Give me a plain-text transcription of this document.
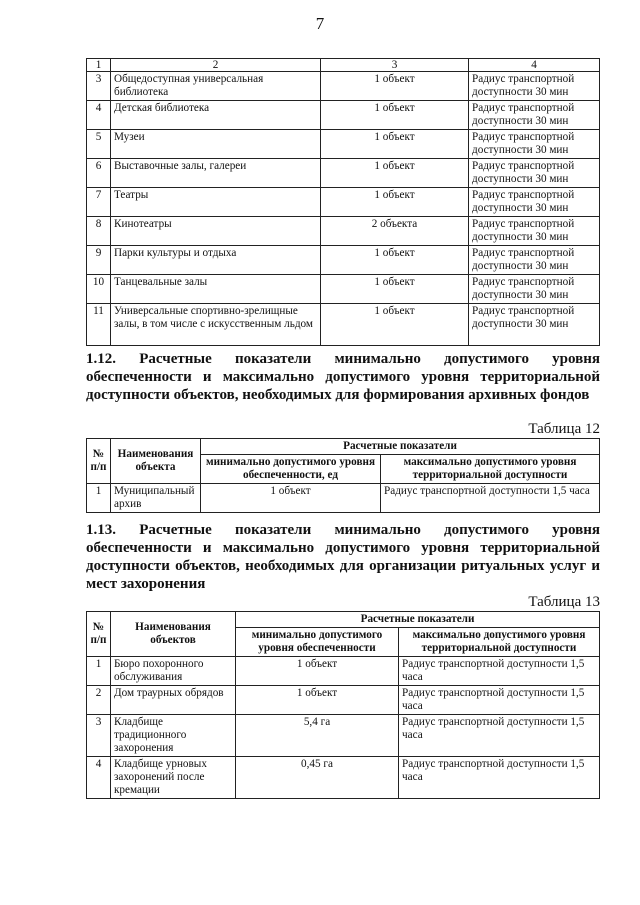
7
1	2	3	4
3	Общедоступная универсальная библиотека	1 объект	Радиус транспортной доступности 30 мин
4	Детская библиотека	1 объект	Радиус транспортной доступности 30 мин
5	Музеи	1 объект	Радиус транспортной доступности 30 мин
6	Выставочные залы, галереи	1 объект	Радиус транспортной доступности 30 мин
7	Театры	1 объект	Радиус транспортной доступности 30 мин
8	Кинотеатры	2 объекта	Радиус транспортной доступности 30 мин
9	Парки культуры и отдыха	1 объект	Радиус транспортной доступности 30 мин
10	Танцевальные залы	1 объект	Радиус транспортной доступности 30 мин
11	Универсальные спортивно-зрелищные залы, в том числе с искусственным льдом	1 объект	Радиус транспортной доступности 30 мин
1.12. Расчетные показатели минимально допустимого уровня обеспеченности и максимально допустимого уровня территориальной доступности объектов, необходимых для формирования архивных фондов
Таблица 12
№ п/п	Наименования объекта	Расчетные показатели	
		минимально допустимого уровня обеспеченности, ед	максимально допустимого уровня территориальной доступности
1	Муниципальный архив	1 объект	Радиус транспортной доступности 1,5 часа
1.13. Расчетные показатели минимально допустимого уровня обеспеченности и максимально допустимого уровня территориальной доступности объектов, необходимых для организации ритуальных услуг и мест захоронения
Таблица 13
№ п/п	Наименования объектов	Расчетные показатели	
		минимально допустимого уровня обеспеченности	максимально допустимого уровня территориальной доступности
1	Бюро похоронного обслуживания	1 объект	Радиус транспортной доступности 1,5 часа
2	Дом траурных обрядов	1 объект	Радиус транспортной доступности 1,5 часа
3	Кладбище традиционного захоронения	5,4 га	Радиус транспортной доступности 1,5 часа
4	Кладбище урновых захоронений после кремации	0,45 га	Радиус транспортной доступности 1,5 часа
